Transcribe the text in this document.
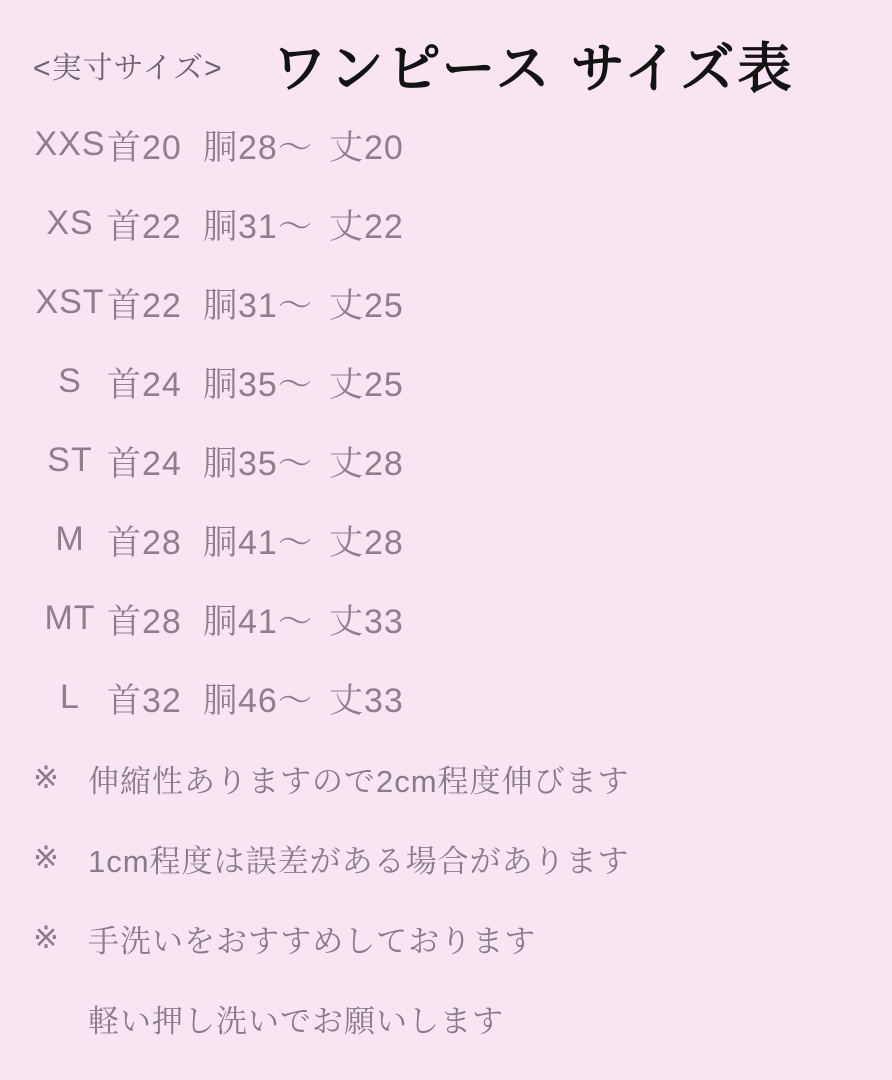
<実寸サイズ> ワンピース サイズ表
XXS 首20 胴28〜 丈20
XS 首22 胴31〜 丈22
XST 首22 胴31〜 丈25
S 首24 胴35〜 丈25
ST 首24 胴35〜 丈28
M 首28 胴41〜 丈28
MT 首28 胴41〜 丈33
L 首32 胴46〜 丈33
※ 伸縮性ありますので2cm程度伸びます
※ 1cm程度は誤差がある場合があります
※ 手洗いをおすすめしております
軽い押し洗いでお願いします
